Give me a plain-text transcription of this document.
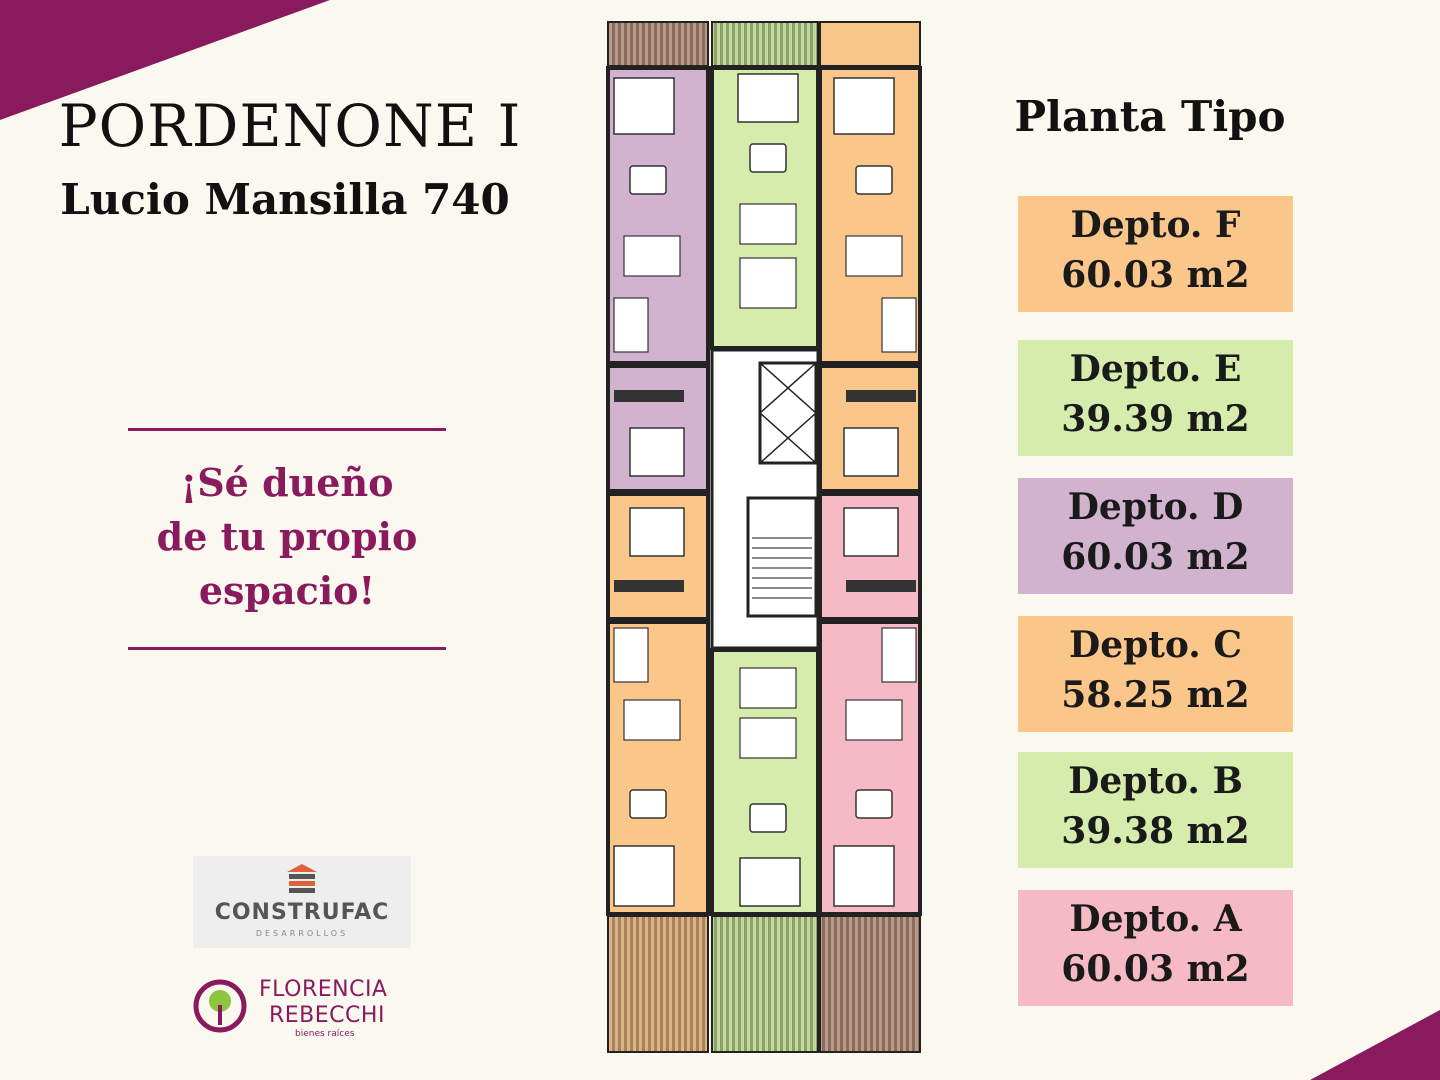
PORDENONE I
Lucio Mansilla 740
¡Sé dueño
de tu propio
espacio!
CONSTRUFAC
DESARROLLOS
FLORENCIA
REBECCHI
bienes raíces
Planta Tipo
Depto. F
60.03 m2
Depto. E
39.39 m2
Depto. D
60.03 m2
Depto. C
58.25 m2
Depto. B
39.38 m2
Depto. A
60.03 m2
